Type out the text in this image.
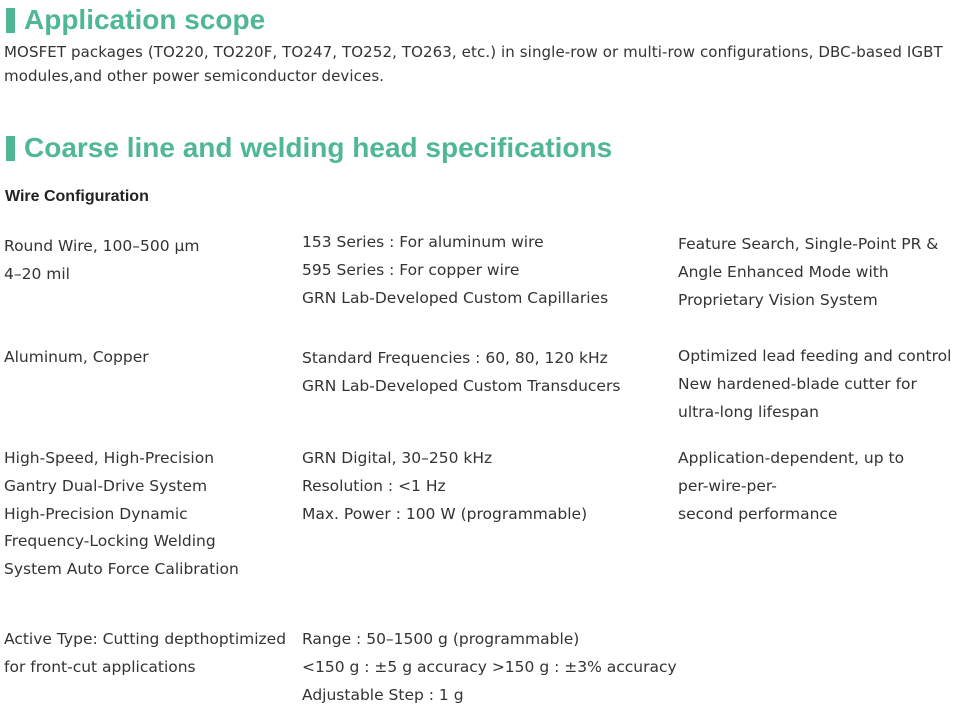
Application scope
MOSFET packages (TO220, TO220F, TO247, TO252, TO263, etc.) in single-row or multi-row configurations, DBC-based IGBT modules,and other power semiconductor devices.
Coarse line and welding head specifications
Wire Configuration
Round Wire, 100–500 μm
4–20 mil
153 Series : For aluminum wire
595 Series : For copper wire
GRN Lab-Developed Custom Capillaries
Feature Search, Single-Point PR &
Angle Enhanced Mode with
Proprietary Vision System
Aluminum, Copper	Standard Frequencies : 60, 80, 120 kHz
GRN Lab-Developed Custom Transducers
Optimized lead feeding and control
New hardened-blade cutter for
ultra-long lifespan
High-Speed, High-Precision
Gantry Dual-Drive System
High-Precision Dynamic
Frequency-Locking Welding
System Auto Force Calibration
GRN Digital, 30–250 kHz
Resolution : <1 Hz
Max. Power : 100 W (programmable)
Application-dependent, up to
per-wire-per-
second performance
Active Type: Cutting depthoptimized
for front-cut applications
Range : 50–1500 g (programmable)
<150 g : ±5 g accuracy >150 g : ±3% accuracy
Adjustable Step : 1 g
